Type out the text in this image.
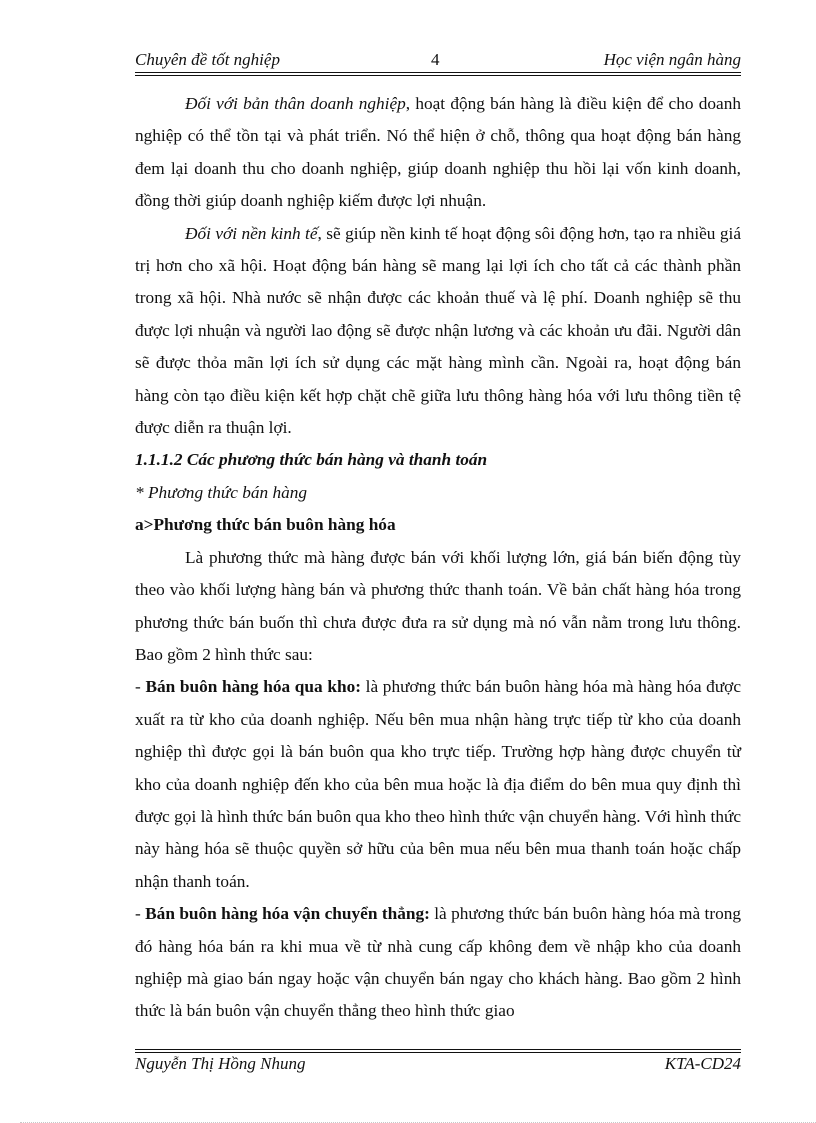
Chuyên đề tốt nghiệp	4	Học viện ngân hàng

Đối với bản thân doanh nghiệp, hoạt động bán hàng là điều kiện để cho doanh nghiệp có thể tồn tại và phát triển. Nó thể hiện ở chỗ, thông qua hoạt động bán hàng đem lại doanh thu cho doanh nghiệp, giúp doanh nghiệp thu hồi lại vốn kinh doanh, đồng thời giúp doanh nghiệp kiếm được lợi nhuận.

Đối với nền kinh tế, sẽ giúp nền kinh tế hoạt động sôi động hơn, tạo ra nhiều giá trị hơn cho xã hội. Hoạt động bán hàng sẽ mang lại lợi ích cho tất cả các thành phần trong xã hội. Nhà nước sẽ nhận được các khoản thuế và lệ phí. Doanh nghiệp sẽ thu được lợi nhuận và người lao động sẽ được nhận lương và các khoản ưu đãi. Người dân sẽ được thỏa mãn lợi ích sử dụng các mặt hàng mình cần. Ngoài ra, hoạt động bán hàng còn tạo điều kiện kết hợp chặt chẽ giữa lưu thông hàng hóa với lưu thông tiền tệ được diễn ra thuận lợi.

1.1.1.2 Các phương thức bán hàng và thanh toán

* Phương thức bán hàng

a>Phương thức bán buôn hàng hóa

Là phương thức mà hàng được bán với khối lượng lớn, giá bán biến động tùy theo vào khối lượng hàng bán và phương thức thanh toán. Về bản chất hàng hóa trong phương thức bán buốn thì chưa được đưa ra sử dụng mà nó vẫn nằm trong lưu thông. Bao gồm 2 hình thức sau:

- Bán buôn hàng hóa qua kho: là phương thức bán buôn hàng hóa mà hàng hóa được xuất ra từ kho của doanh nghiệp. Nếu bên mua nhận hàng trực tiếp từ kho của doanh nghiệp thì được gọi là bán buôn qua kho trực tiếp. Trường hợp hàng được chuyển từ kho của doanh nghiệp đến kho của bên mua hoặc là địa điểm do bên mua quy định thì được gọi là hình thức bán buôn qua kho theo hình thức vận chuyển hàng. Với hình thức này hàng hóa sẽ thuộc quyền sở hữu của bên mua nếu bên mua thanh toán hoặc chấp nhận thanh toán.

- Bán buôn hàng hóa vận chuyển thẳng: là phương thức bán buôn hàng hóa mà trong đó hàng hóa bán ra khi mua về từ nhà cung cấp không đem về nhập kho của doanh nghiệp mà giao bán ngay hoặc vận chuyển bán ngay cho khách hàng. Bao gồm 2 hình thức là bán buôn vận chuyển thẳng theo hình thức giao

Nguyễn Thị Hồng Nhung	KTA-CD24
